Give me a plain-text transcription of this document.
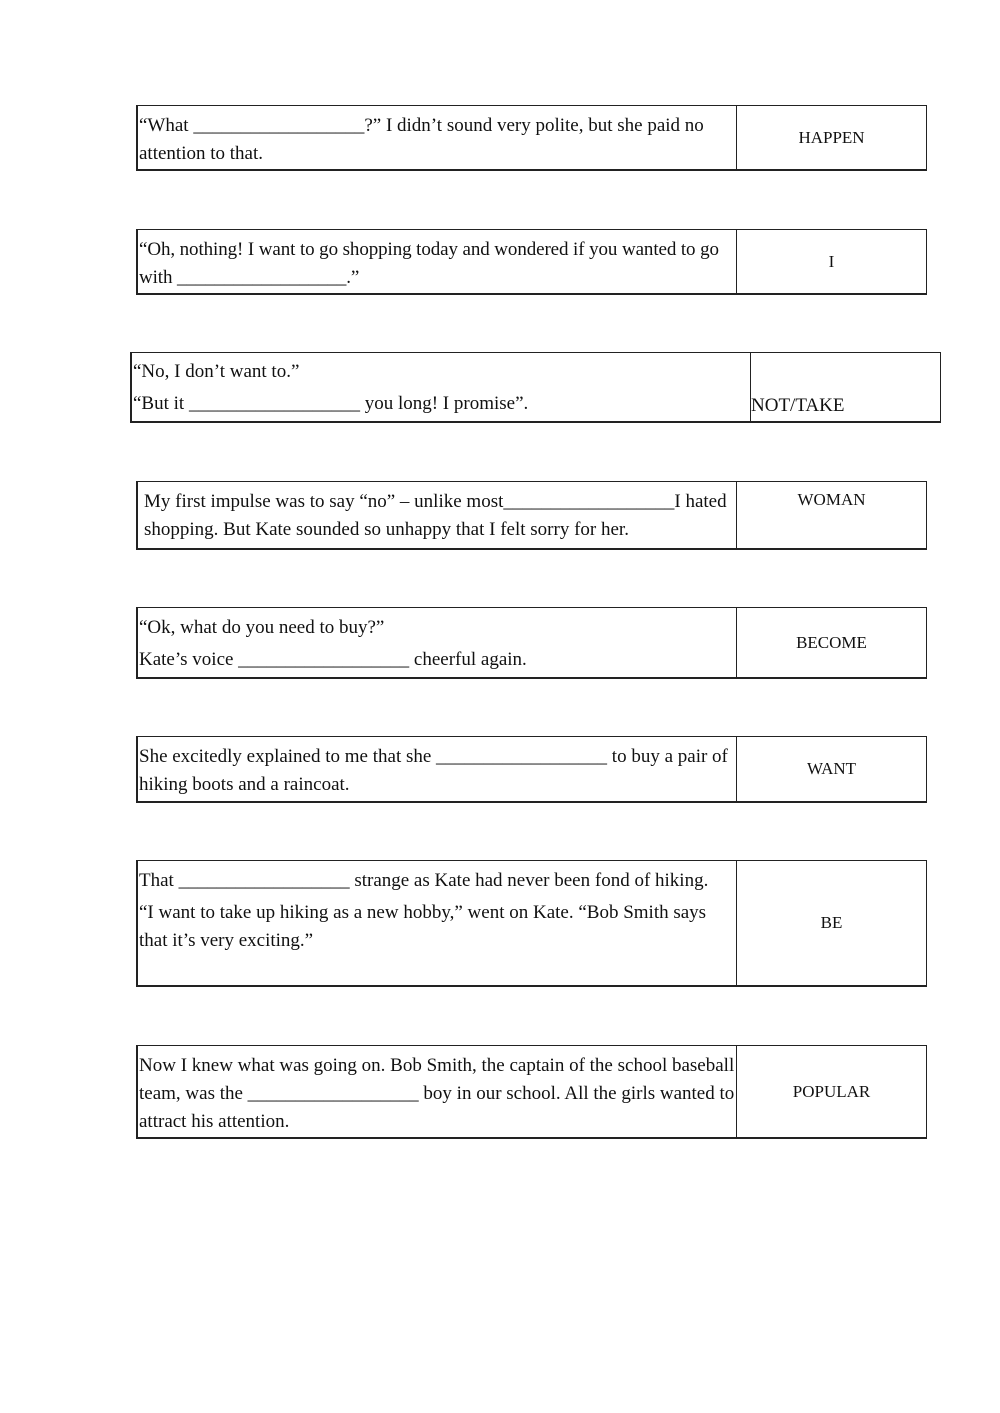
“What __________________?” I didn’t sound very polite, but she paid no attention to that.

HAPPEN

“Oh, nothing! I want to go shopping today and wondered if you wanted to go with __________________.”

I

“No, I don’t want to.”

“But it __________________ you long! I promise”.	NOT/TAKE

My first impulse was to say “no” – unlike most__________________I hated shopping. But Kate sounded so unhappy that I felt sorry for her.

WOMAN

“Ok, what do you need to buy?”

Kate’s voice __________________ cheerful again.

BECOME

She excitedly explained to me that she __________________ to buy a pair of hiking boots and a raincoat.

WANT

That __________________ strange as Kate had never been fond of hiking.

“I want to take up hiking as a new hobby,” went on Kate. “Bob Smith says that it’s very exciting.”

BE

Now I knew what was going on. Bob Smith, the captain of the school baseball team, was the __________________ boy in our school. All the girls wanted to attract his attention.

POPULAR
